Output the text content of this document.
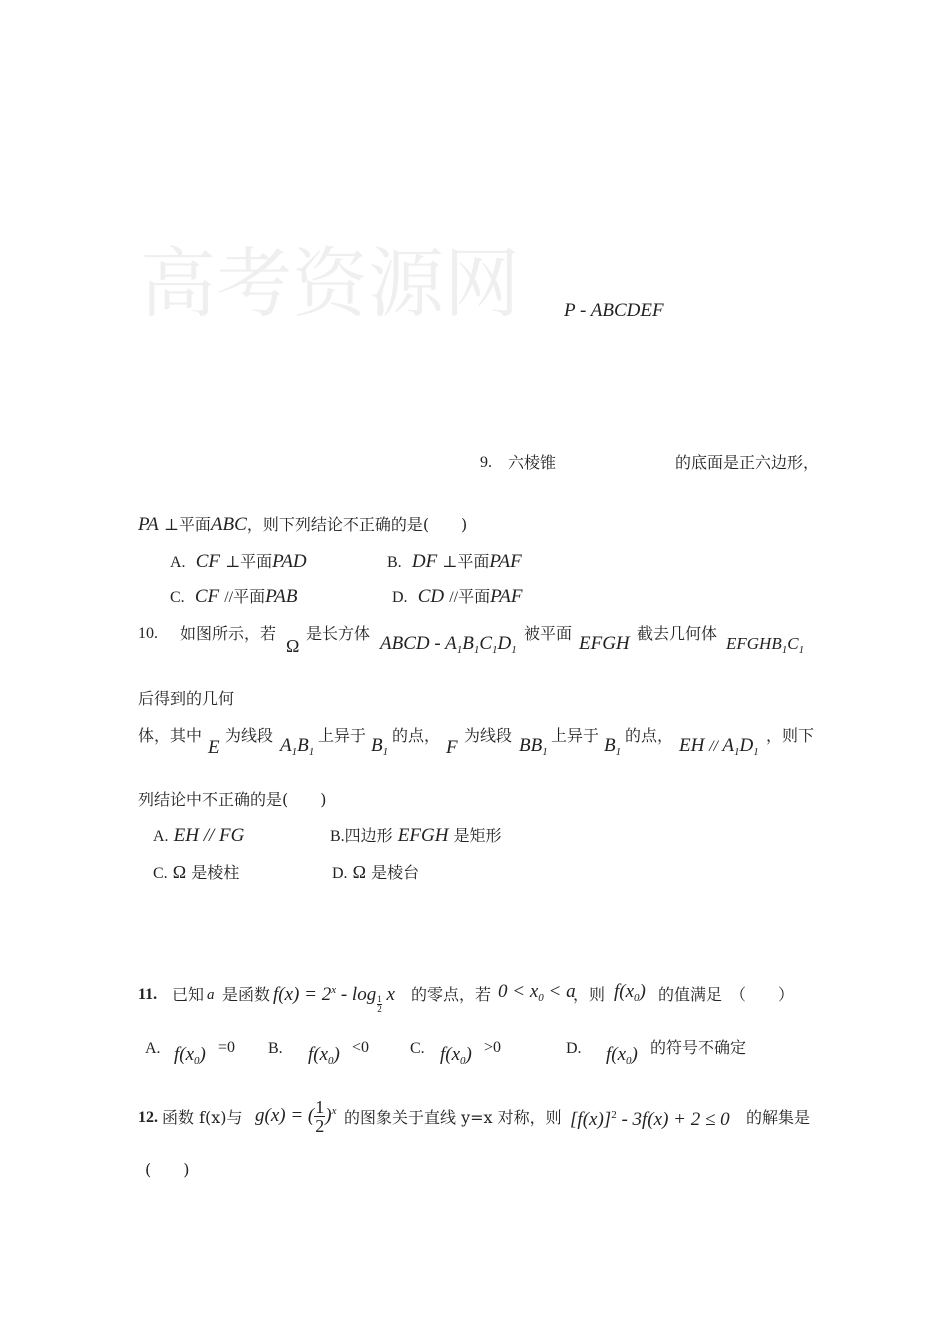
高考资源网 P - ABCDEF
9. 六棱锥	的底面是正六边形，
PA ⊥平面ABC，则下列结论不正确的是(　　)
A. CF ⊥平面PAD	B. DF ⊥平面PAF
C. CF //平面PAB	D. CD //平面PAF
10. 如图所示，若
Ω
是长方体 ABCD - $A_1B_1C_1D_1$
被平面 EFGH 截去几何体
$EFGHB_1C_1$
后得到的几何
体，其中
E
为线段 $A_1B_1$
上异于 $B_1$
的点，
F
为线段 $BB_1$
上异于 $B_1$
的点， EH // $A_1D_1$
，则下
列结论中不正确的是(　　)
A. EH // FG	B.四边形 EFGH 是矩形
C. Ω 是棱柱	D. Ω 是棱台
11. 已知 a 是函数 $f(x) = 2^x - \log \frac{1}{2}$ x 的零点，若 $0 < x_0 < a$
，则 $f(x_0)$ 的值满足　（　　）
A. $f(x_0) =0$ B. $f(x_0) <0$	C. $f(x_0) >0$	D. $f(x_0)$ 的符号不确定
12. 函数 f(x)与 g(x) = ( $\frac{1}{2} )^x$ 的图象关于直线 y=x 对称，则 $[f(x)]^2 - 3f(x) + 2 \le 0$ 的解集是
(　　)
